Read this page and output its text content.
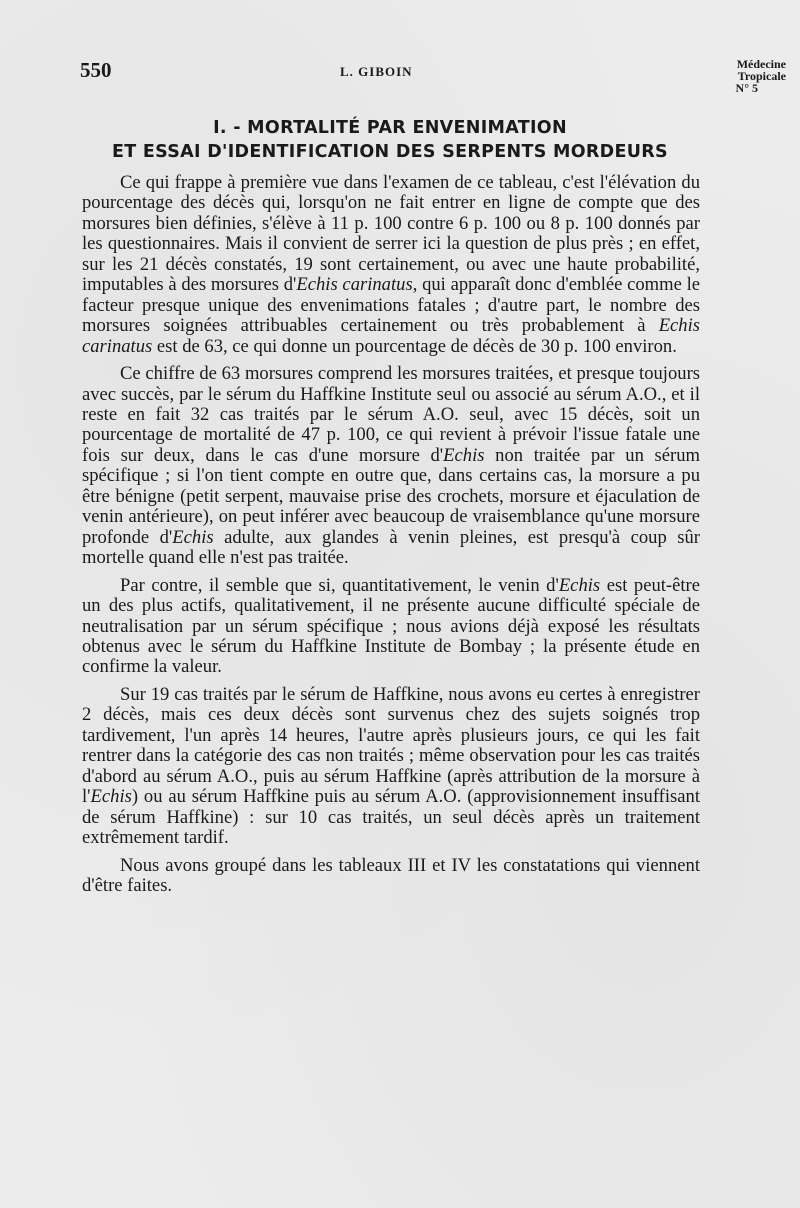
550	L. GIBOIN	Médecine
Tropicale

N° 5
I. - MORTALITÉ PAR ENVENIMATION
ET ESSAI D'IDENTIFICATION DES SERPENTS MORDEURS

Ce qui frappe à première vue dans l'examen de ce tableau, c'est l'élévation du pourcentage des décès qui, lorsqu'on ne fait entrer en ligne de compte que des morsures bien définies, s'élève à 11 p. 100 contre 6 p. 100 ou 8 p. 100 donnés par les questionnaires. Mais il convient de serrer ici la question de plus près ; en effet, sur les 21 décès constatés, 19 sont certainement, ou avec une haute probabilité, imputables à des morsures d'Echis carinatus, qui apparaît donc d'emblée comme le facteur presque unique des envenimations fatales ; d'autre part, le nombre des morsures soignées attribuables certainement ou très probablement à Echis carinatus est de 63, ce qui donne un pourcentage de décès de 30 p. 100 environ.

Ce chiffre de 63 morsures comprend les morsures traitées, et presque toujours avec succès, par le sérum du Haffkine Institute seul ou associé au sérum A.O., et il reste en fait 32 cas traités par le sérum A.O. seul, avec 15 décès, soit un pourcentage de mortalité de 47 p. 100, ce qui revient à prévoir l'issue fatale une fois sur deux, dans le cas d'une morsure d'Echis non traitée par un sérum spécifique ; si l'on tient compte en outre que, dans certains cas, la morsure a pu être bénigne (petit serpent, mauvaise prise des crochets, morsure et éjaculation de venin antérieure), on peut inférer avec beaucoup de vraisemblance qu'une morsure profonde d'Echis adulte, aux glandes à venin pleines, est presqu'à coup sûr mortelle quand elle n'est pas traitée.

Par contre, il semble que si, quantitativement, le venin d'Echis est peut-être un des plus actifs, qualitativement, il ne présente aucune difficulté spéciale de neutralisation par un sérum spécifique ; nous avions déjà exposé les résultats obtenus avec le sérum du Haffkine Institute de Bombay ; la présente étude en confirme la valeur.

Sur 19 cas traités par le sérum de Haffkine, nous avons eu certes à enregistrer 2 décès, mais ces deux décès sont survenus chez des sujets soignés trop tardivement, l'un après 14 heures, l'autre après plusieurs jours, ce qui les fait rentrer dans la catégorie des cas non traités ; même observation pour les cas traités d'abord au sérum A.O., puis au sérum Haffkine (après attribution de la morsure à l'Echis) ou au sérum Haffkine puis au sérum A.O. (approvisionnement insuffisant de sérum Haffkine) : sur 10 cas traités, un seul décès après un traitement extrêmement tardif.

Nous avons groupé dans les tableaux III et IV les constatations qui viennent d'être faites.
